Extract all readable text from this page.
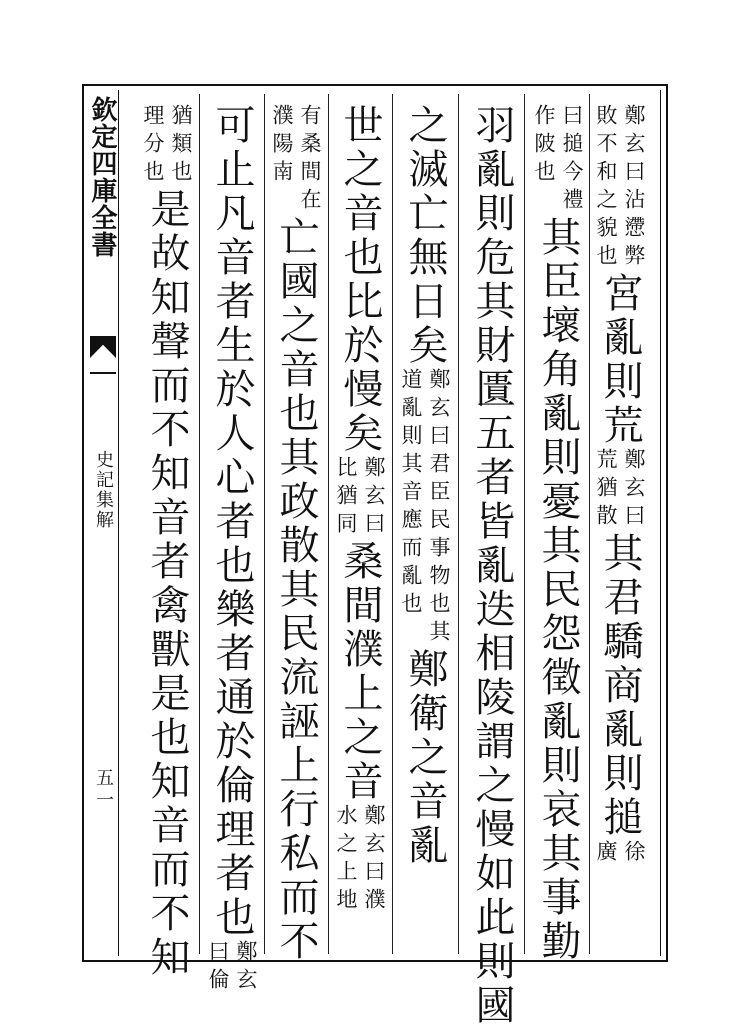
欽定四庫全書
史記集解
五一
鄭玄曰沾懘弊
敗不和之貌也
宮亂則荒
鄭玄曰
荒猶散
其君驕商亂則搥
徐
廣
曰搥今禮
作陂也
其臣壞角亂則憂其民怨徵亂則哀其事勤
羽亂則危其財匱五者皆亂迭相陵謂之慢如此則國
之滅亡無日矣
鄭玄曰君臣民事物也其
道亂則其音應而亂也
鄭衛之音亂
世之音也比於慢矣
鄭玄曰
比猶同
桑間濮上之音
鄭玄曰濮
水之上地
有桑間在
濮陽南
亡國之音也其政散其民流誣上行私而不
可止凡音者生於人心者也樂者通於倫理者也
鄭玄
曰倫
猶類也
理分也
是故知聲而不知音者禽獸是也知音而不知
